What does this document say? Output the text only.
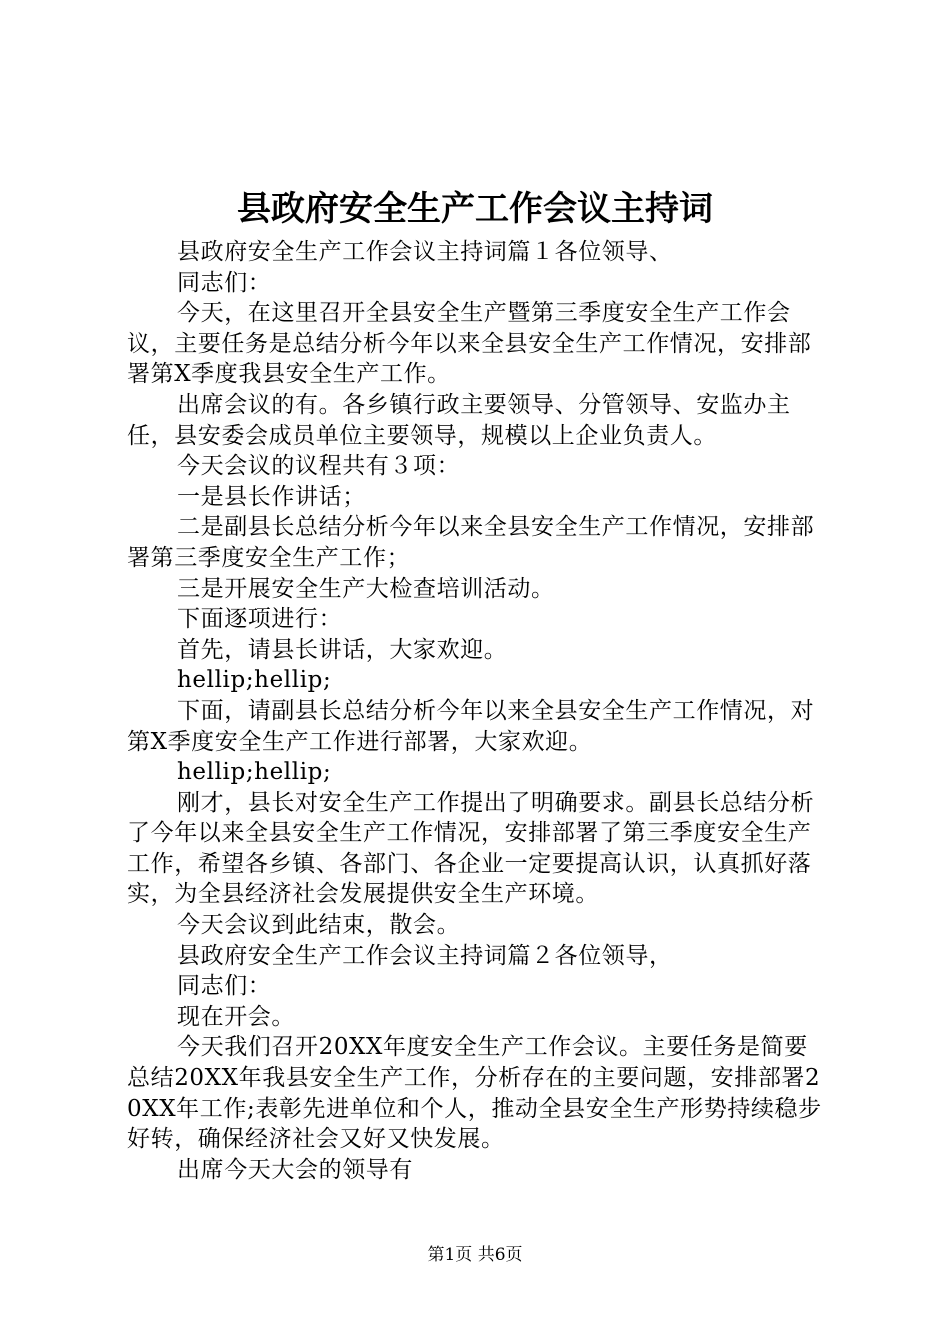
县政府安全生产工作会议主持词

县政府安全生产工作会议主持词篇１各位领导、

同志们：

今天，在这里召开全县安全生产暨第三季度安全生产工作会议，主要任务是总结分析今年以来全县安全生产工作情况，安排部署第X季度我县安全生产工作。

出席会议的有。各乡镇行政主要领导、分管领导、安监办主任，县安委会成员单位主要领导，规模以上企业负责人。

今天会议的议程共有３项：

一是县长作讲话；

二是副县长总结分析今年以来全县安全生产工作情况，安排部署第三季度安全生产工作；

三是开展安全生产大检查培训活动。

下面逐项进行：

首先，请县长讲话，大家欢迎。

hellip;hellip;

下面，请副县长总结分析今年以来全县安全生产工作情况，对第X季度安全生产工作进行部署，大家欢迎。

hellip;hellip;

刚才，县长对安全生产工作提出了明确要求。副县长总结分析了今年以来全县安全生产工作情况，安排部署了第三季度安全生产工作，希望各乡镇、各部门、各企业一定要提高认识，认真抓好落实，为全县经济社会发展提供安全生产环境。

今天会议到此结束，散会。

县政府安全生产工作会议主持词篇２各位领导，

同志们：

现在开会。

今天我们召开20XX年度安全生产工作会议。主要任务是简要总结20XX年我县安全生产工作，分析存在的主要问题，安排部署20XX年工作;表彰先进单位和个人，推动全县安全生产形势持续稳步好转，确保经济社会又好又快发展。

出席今天大会的领导有

第1页 共6页
